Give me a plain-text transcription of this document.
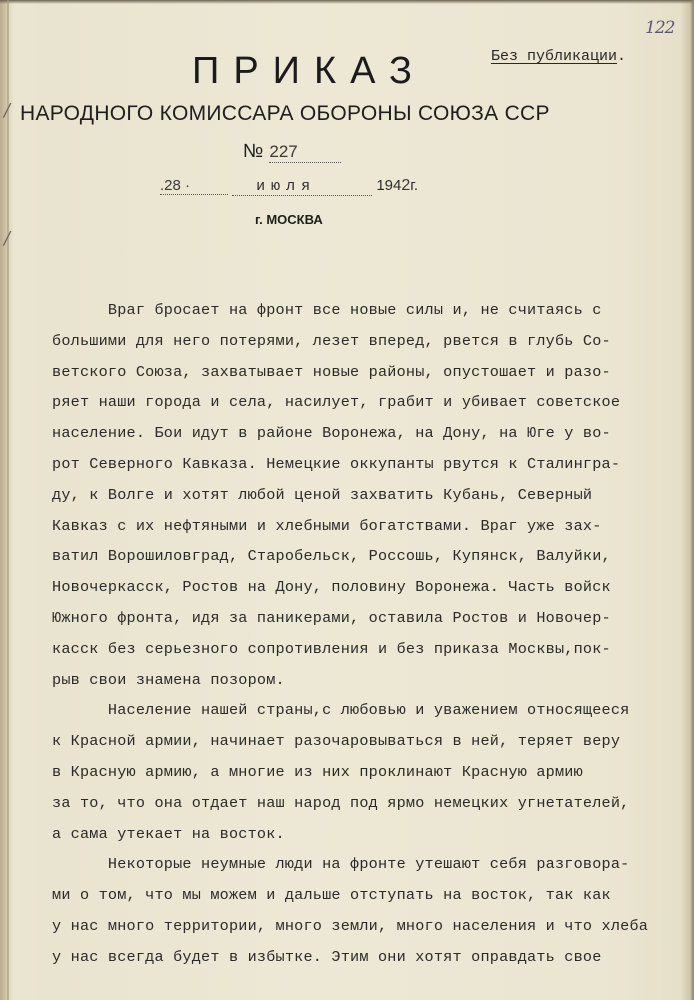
/
/
122
Без публикации.
ПРИКАЗ
НАРОДНОГО КОМИССАРА ОБОРОНЫ СОЮЗА ССР
№ 227
.28 ·	июля	1942г.
г. МОСКВА
Враг бросает на фронт все новые силы и, не считаясь с
большими для него потерями, лезет вперед, рвется в глубь Со-
ветского Союза, захватывает новые районы, опустошает и разо-
ряет наши города и села, насилует, грабит и убивает советское
население. Бои идут в районе Воронежа, на Дону, на Юге у во-
рот Северного Кавказа. Немецкие оккупанты рвутся к Сталингра-
ду, к Волге и хотят любой ценой захватить Кубань, Северный
Кавказ с их нефтяными и хлебными богатствами. Враг уже зах-
ватил Ворошиловград, Старобельск, Россошь, Купянск, Валуйки,
Новочеркасск, Ростов на Дону, половину Воронежа. Часть войск
Южного фронта, идя за паникерами, оставила Ростов и Новочер-
касск без серьезного сопротивления и без приказа Москвы,пок-
рыв свои знамена позором.
Население нашей страны,с любовью и уважением относящееся
к Красной армии, начинает разочаровываться в ней, теряет веру
в Красную армию, а многие из них проклинают Красную армию
за то, что она отдает наш народ под ярмо немецких угнетателей,
а сама утекает на восток.
Некоторые неумные люди на фронте утешают себя разговора-
ми о том, что мы можем и дальше отступать на восток, так как
у нас много территории, много земли, много населения и что хлеба
у нас всегда будет в избытке. Этим они хотят оправдать свое
